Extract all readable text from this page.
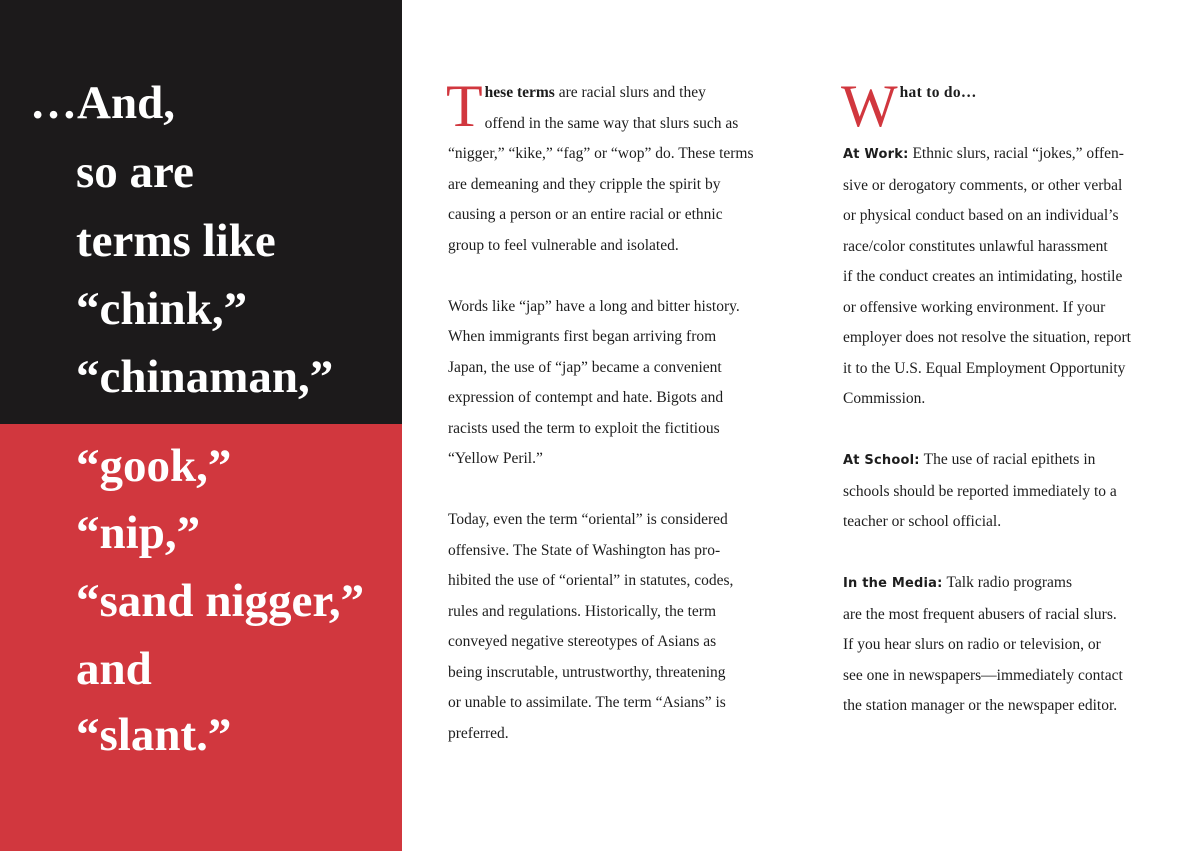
…And,
so are
terms like
“chink,”
“chinaman,”
“gook,”
“nip,”
“sand nigger,”
and
“slant.”

T hese terms are racial slurs and they
offend in the same way that slurs such as
“nigger,” “kike,” “fag” or “wop” do. These terms
are demeaning and they cripple the spirit by
causing a person or an entire racial or ethnic
group to feel vulnerable and isolated.

Words like “jap” have a long and bitter history.
When immigrants first began arriving from
Japan, the use of “jap” became a convenient
expression of contempt and hate. Bigots and
racists used the term to exploit the fictitious
“Yellow Peril.”

Today, even the term “oriental” is considered
offensive. The State of Washington has pro-
hibited the use of “oriental” in statutes, codes,
rules and regulations. Historically, the term
conveyed negative stereotypes of Asians as
being inscrutable, untrustworthy, threatening
or unable to assimilate. The term “Asians” is
preferred.

W hat to do…

At Work: Ethnic slurs, racial “jokes,” offen-
sive or derogatory comments, or other verbal
or physical conduct based on an individual’s
race/color constitutes unlawful harassment
if the conduct creates an intimidating, hostile
or offensive working environment. If your
employer does not resolve the situation, report
it to the U.S. Equal Employment Opportunity
Commission.

At School: The use of racial epithets in
schools should be reported immediately to a
teacher or school official.

In the Media: Talk radio programs
are the most frequent abusers of racial slurs.
If you hear slurs on radio or television, or
see one in newspapers—immediately contact
the station manager or the newspaper editor.
